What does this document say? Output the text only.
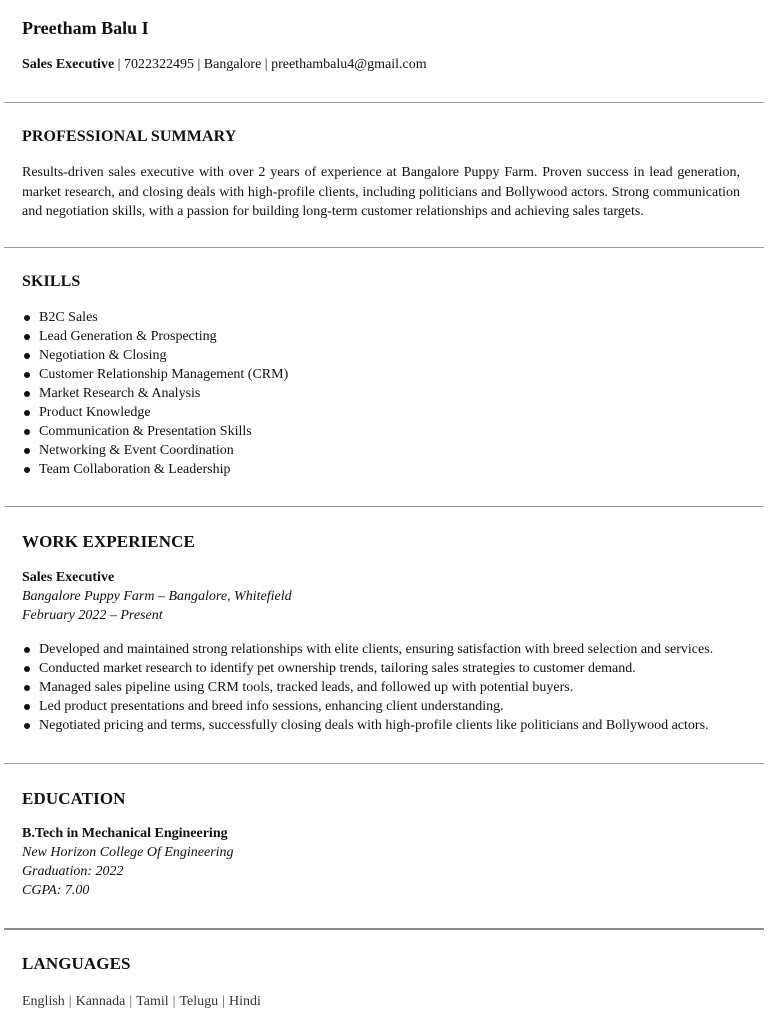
Preetham Balu I
Sales Executive | 7022322495 | Bangalore | preethambalu4@gmail.com
PROFESSIONAL SUMMARY

Results-driven sales executive with over 2 years of experience at Bangalore Puppy Farm. Proven success in lead generation, market research, and closing deals with high-profile clients, including politicians and Bollywood actors. Strong communication and negotiation skills, with a passion for building long-term customer relationships and achieving sales targets.

SKILLS
B2C Sales
Lead Generation & Prospecting
Negotiation & Closing
Customer Relationship Management (CRM)
Market Research & Analysis
Product Knowledge
Communication & Presentation Skills
Networking & Event Coordination
Team Collaboration & Leadership
WORK EXPERIENCE
Sales Executive
Bangalore Puppy Farm – Bangalore, Whitefield
February 2022 – Present
Developed and maintained strong relationships with elite clients, ensuring satisfaction with breed selection and services.
Conducted market research to identify pet ownership trends, tailoring sales strategies to customer demand.
Managed sales pipeline using CRM tools, tracked leads, and followed up with potential buyers.
Led product presentations and breed info sessions, enhancing client understanding.
Negotiated pricing and terms, successfully closing deals with high-profile clients like politicians and Bollywood actors.
EDUCATION
B.Tech in Mechanical Engineering
New Horizon College Of Engineering
Graduation: 2022
CGPA: 7.00
LANGUAGES
English | Kannada | Tamil | Telugu | Hindi
